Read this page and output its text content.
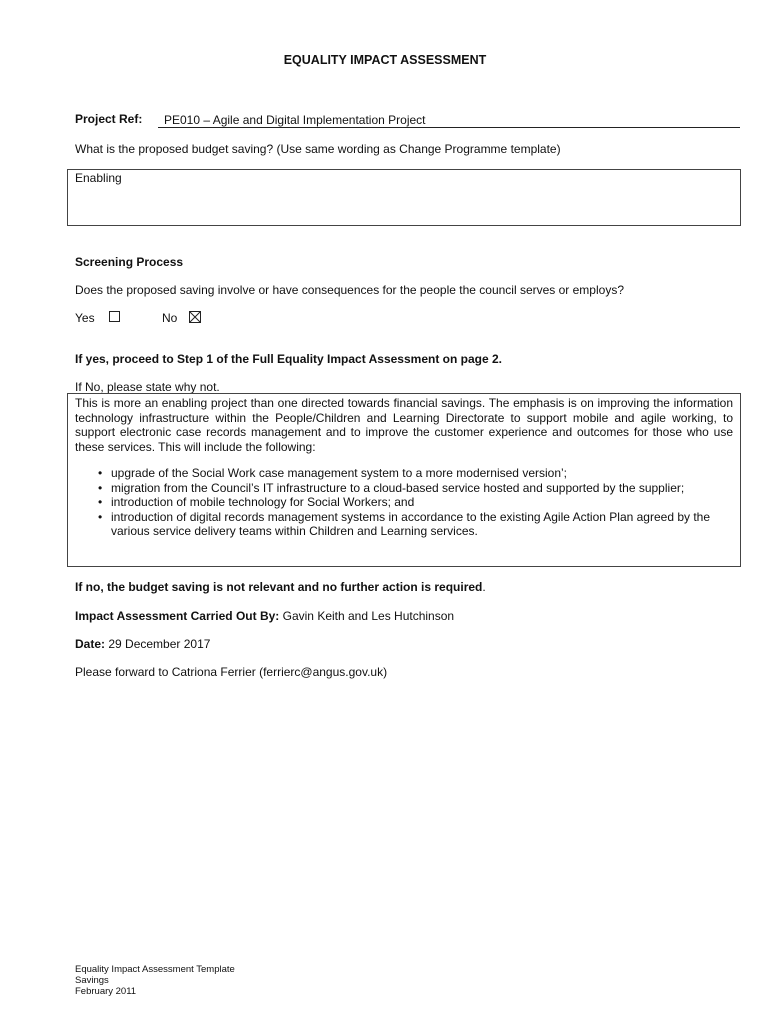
EQUALITY IMPACT ASSESSMENT
Project Ref:	PE010 – Agile and Digital Implementation Project
What is the proposed budget saving? (Use same wording as Change Programme template)
Enabling
Screening Process
Does the proposed saving involve or have consequences for the people the council serves or employs?
Yes	No
If yes, proceed to Step 1 of the Full Equality Impact Assessment on page 2.
If No, please state why not.

This is more an enabling project than one directed towards financial savings. The emphasis is on improving the information technology infrastructure within the People/Children and Learning Directorate to support mobile and agile working, to support electronic case records management and to improve the customer experience and outcomes for those who use these services. This will include the following:

• upgrade of the Social Work case management system to a more modernised version’;
• migration from the Council’s IT infrastructure to a cloud-based service hosted and supported by the supplier;
• introduction of mobile technology for Social Workers; and
• introduction of digital records management systems in accordance to the existing Agile Action Plan agreed by the various service delivery teams within Children and Learning services.
If no, the budget saving is not relevant and no further action is required.
Impact Assessment Carried Out By: Gavin Keith and Les Hutchinson
Date: 29 December 2017
Please forward to Catriona Ferrier (ferrierc@angus.gov.uk)
Equality Impact Assessment Template
Savings
February 2011
